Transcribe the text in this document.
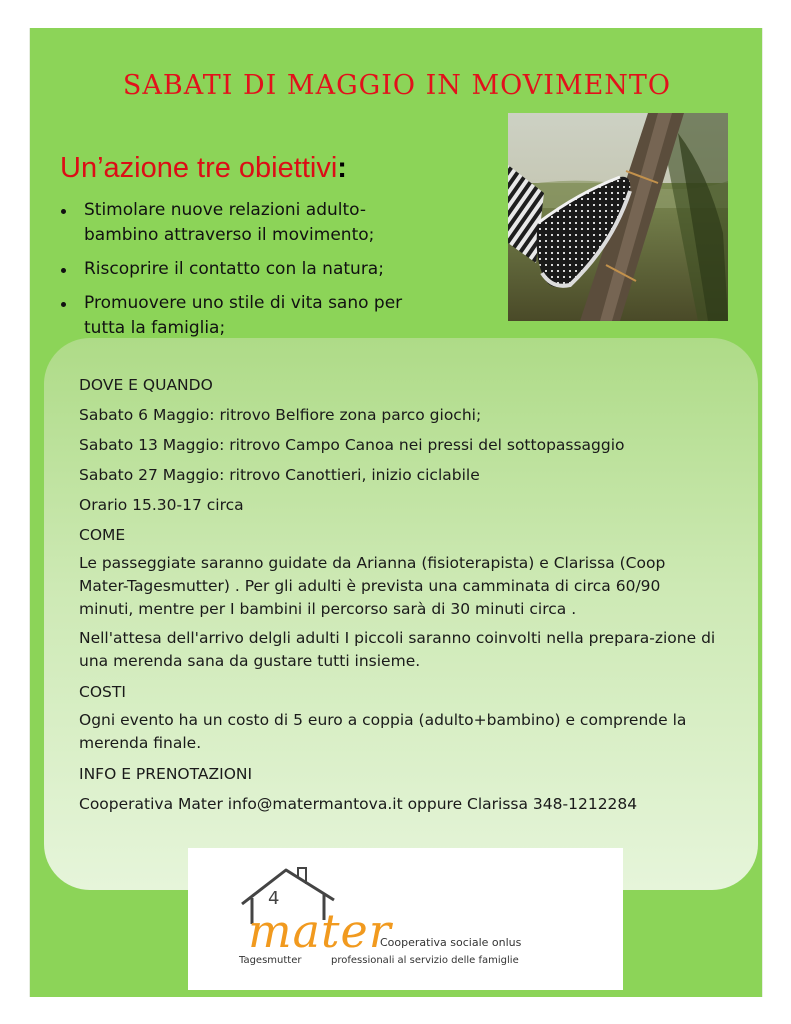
SABATI DI MAGGIO IN MOVIMENTO
Un’azione tre obiettivi:
Stimolare nuove relazioni adulto-bambino attraverso il movimento;
Riscoprire il contatto con la natura;
Promuovere uno stile di vita sano per tutta la famiglia;

DOVE E QUANDO

Sabato 6 Maggio: ritrovo Belfiore zona parco giochi;

Sabato 13 Maggio: ritrovo Campo Canoa nei pressi del sottopassaggio

Sabato 27 Maggio: ritrovo Canottieri, inizio ciclabile

Orario 15.30-17 circa

COME

Le passeggiate saranno guidate da Arianna (fisioterapista) e Clarissa (Coop Mater-Tagesmutter) . Per gli adulti è prevista una camminata di circa 60/90 minuti, mentre per I bambini il percorso sarà di 30 minuti circa .

Nell'attesa dell'arrivo delgli adulti I piccoli saranno coinvolti nella prepara-zione di una merenda sana da gustare tutti insieme.

COSTI

Ogni evento ha un costo di 5 euro a coppia (adulto+bambino) e comprende la merenda finale.

INFO E PRENOTAZIONI

Cooperativa Mater info@matermantova.it oppure Clarissa 348-1212284

mater
4
Cooperativa sociale onlus
Tagesmutter	professionali al servizio delle famiglie
